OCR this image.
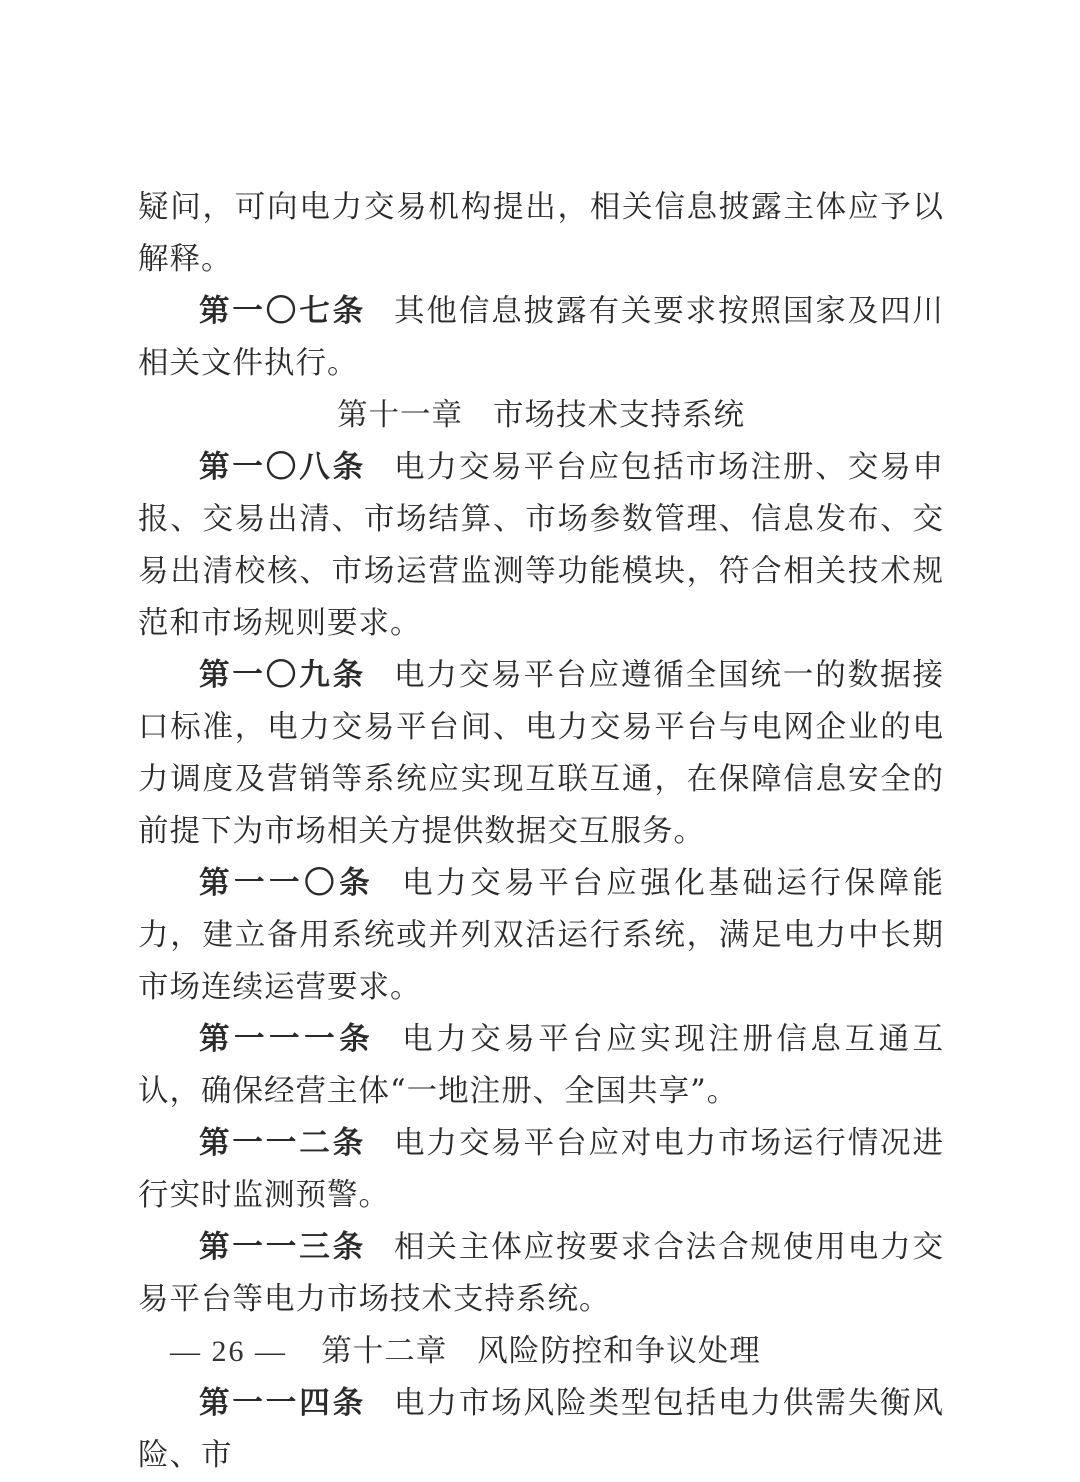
疑问，可向电力交易机构提出，相关信息披露主体应予以解释。

第一〇七条 其他信息披露有关要求按照国家及四川相关文件执行。

第十一章 市场技术支持系统

第一〇八条 电力交易平台应包括市场注册、交易申报、交易出清、市场结算、市场参数管理、信息发布、交易出清校核、市场运营监测等功能模块，符合相关技术规范和市场规则要求。

第一〇九条 电力交易平台应遵循全国统一的数据接口标准，电力交易平台间、电力交易平台与电网企业的电力调度及营销等系统应实现互联互通，在保障信息安全的前提下为市场相关方提供数据交互服务。

第一一〇条 电力交易平台应强化基础运行保障能力，建立备用系统或并列双活运行系统，满足电力中长期市场连续运营要求。

第一一一条 电力交易平台应实现注册信息互通互认，确保经营主体“一地注册、全国共享”。

第一一二条 电力交易平台应对电力市场运行情况进行实时监测预警。

第一一三条 相关主体应按要求合法合规使用电力交易平台等电力市场技术支持系统。

第十二章 风险防控和争议处理

第一一四条 电力市场风险类型包括电力供需失衡风险、市

— 26 —
